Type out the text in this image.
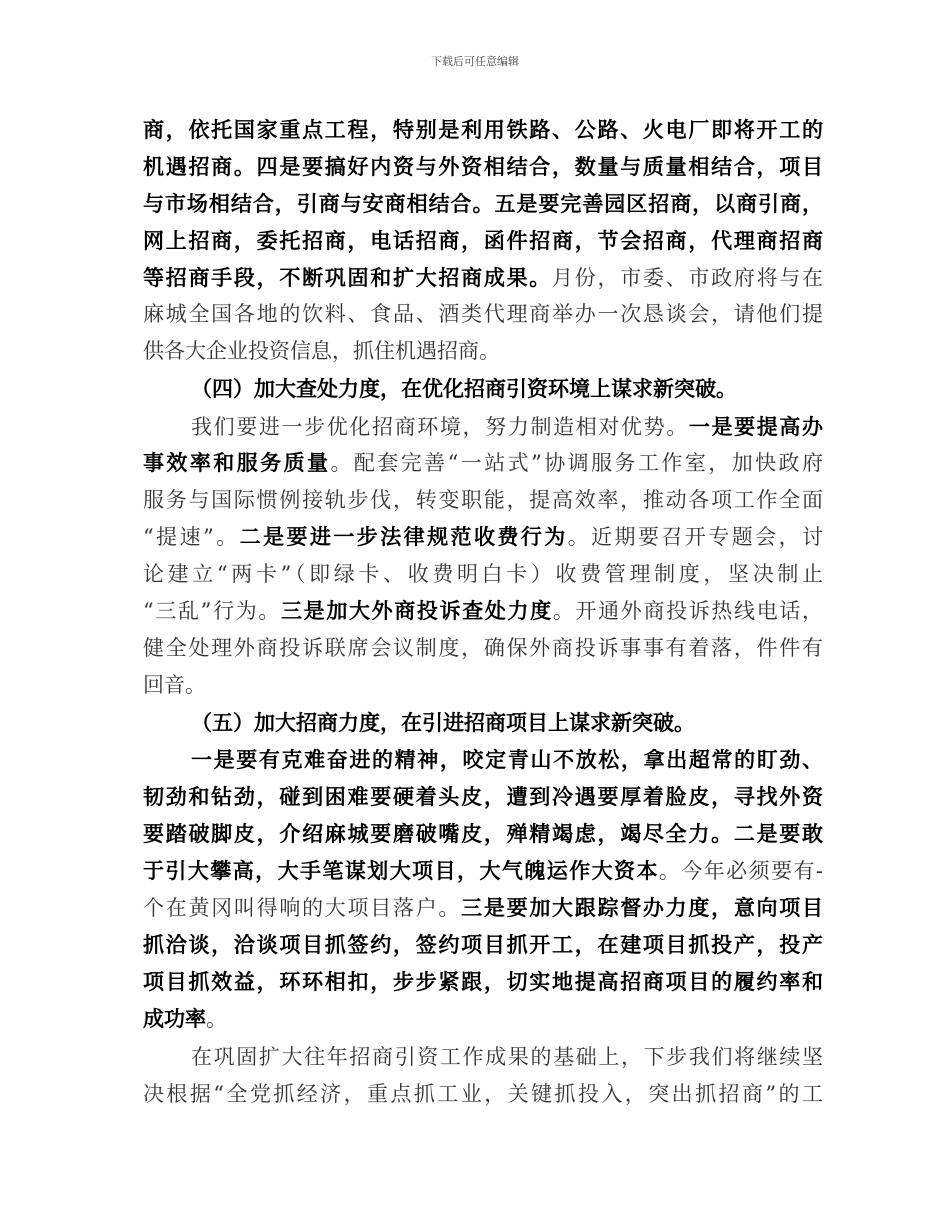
下载后可任意编辑
商，依托国家重点工程，特别是利用铁路、公路、火电厂即将开工的
机遇招商。四是要搞好内资与外资相结合，数量与质量相结合，项目
与市场相结合，引商与安商相结合。五是要完善园区招商，以商引商，
网上招商，委托招商，电话招商，函件招商，节会招商，代理商招商
等招商手段，不断巩固和扩大招商成果。月份，市委、市政府将与在
麻城全国各地的饮料、食品、酒类代理商举办一次恳谈会，请他们提
供各大企业投资信息，抓住机遇招商。
（四）加大查处力度，在优化招商引资环境上谋求新突破。
我们要进一步优化招商环境，努力制造相对优势。一是要提高办
事效率和服务质量。配套完善“一站式”协调服务工作室，加快政府
服务与国际惯例接轨步伐，转变职能，提高效率，推动各项工作全面
“提速”。二是要进一步法律规范收费行为。近期要召开专题会，讨
论建立“两卡”（即绿卡、收费明白卡）收费管理制度，坚决制止
“三乱”行为。三是加大外商投诉查处力度。开通外商投诉热线电话，
健全处理外商投诉联席会议制度，确保外商投诉事事有着落，件件有
回音。
（五）加大招商力度，在引进招商项目上谋求新突破。
一是要有克难奋进的精神，咬定青山不放松，拿出超常的盯劲、
韧劲和钻劲，碰到困难要硬着头皮，遭到冷遇要厚着脸皮，寻找外资
要踏破脚皮，介绍麻城要磨破嘴皮，殚精竭虑，竭尽全力。二是要敢
于引大攀高，大手笔谋划大项目，大气魄运作大资本。今年必须要有-
个在黄冈叫得响的大项目落户。三是要加大跟踪督办力度，意向项目
抓洽谈，洽谈项目抓签约，签约项目抓开工，在建项目抓投产，投产
项目抓效益，环环相扣，步步紧跟，切实地提高招商项目的履约率和
成功率。
在巩固扩大往年招商引资工作成果的基础上，下步我们将继续坚
决根据“全党抓经济，重点抓工业，关键抓投入，突出抓招商”的工
